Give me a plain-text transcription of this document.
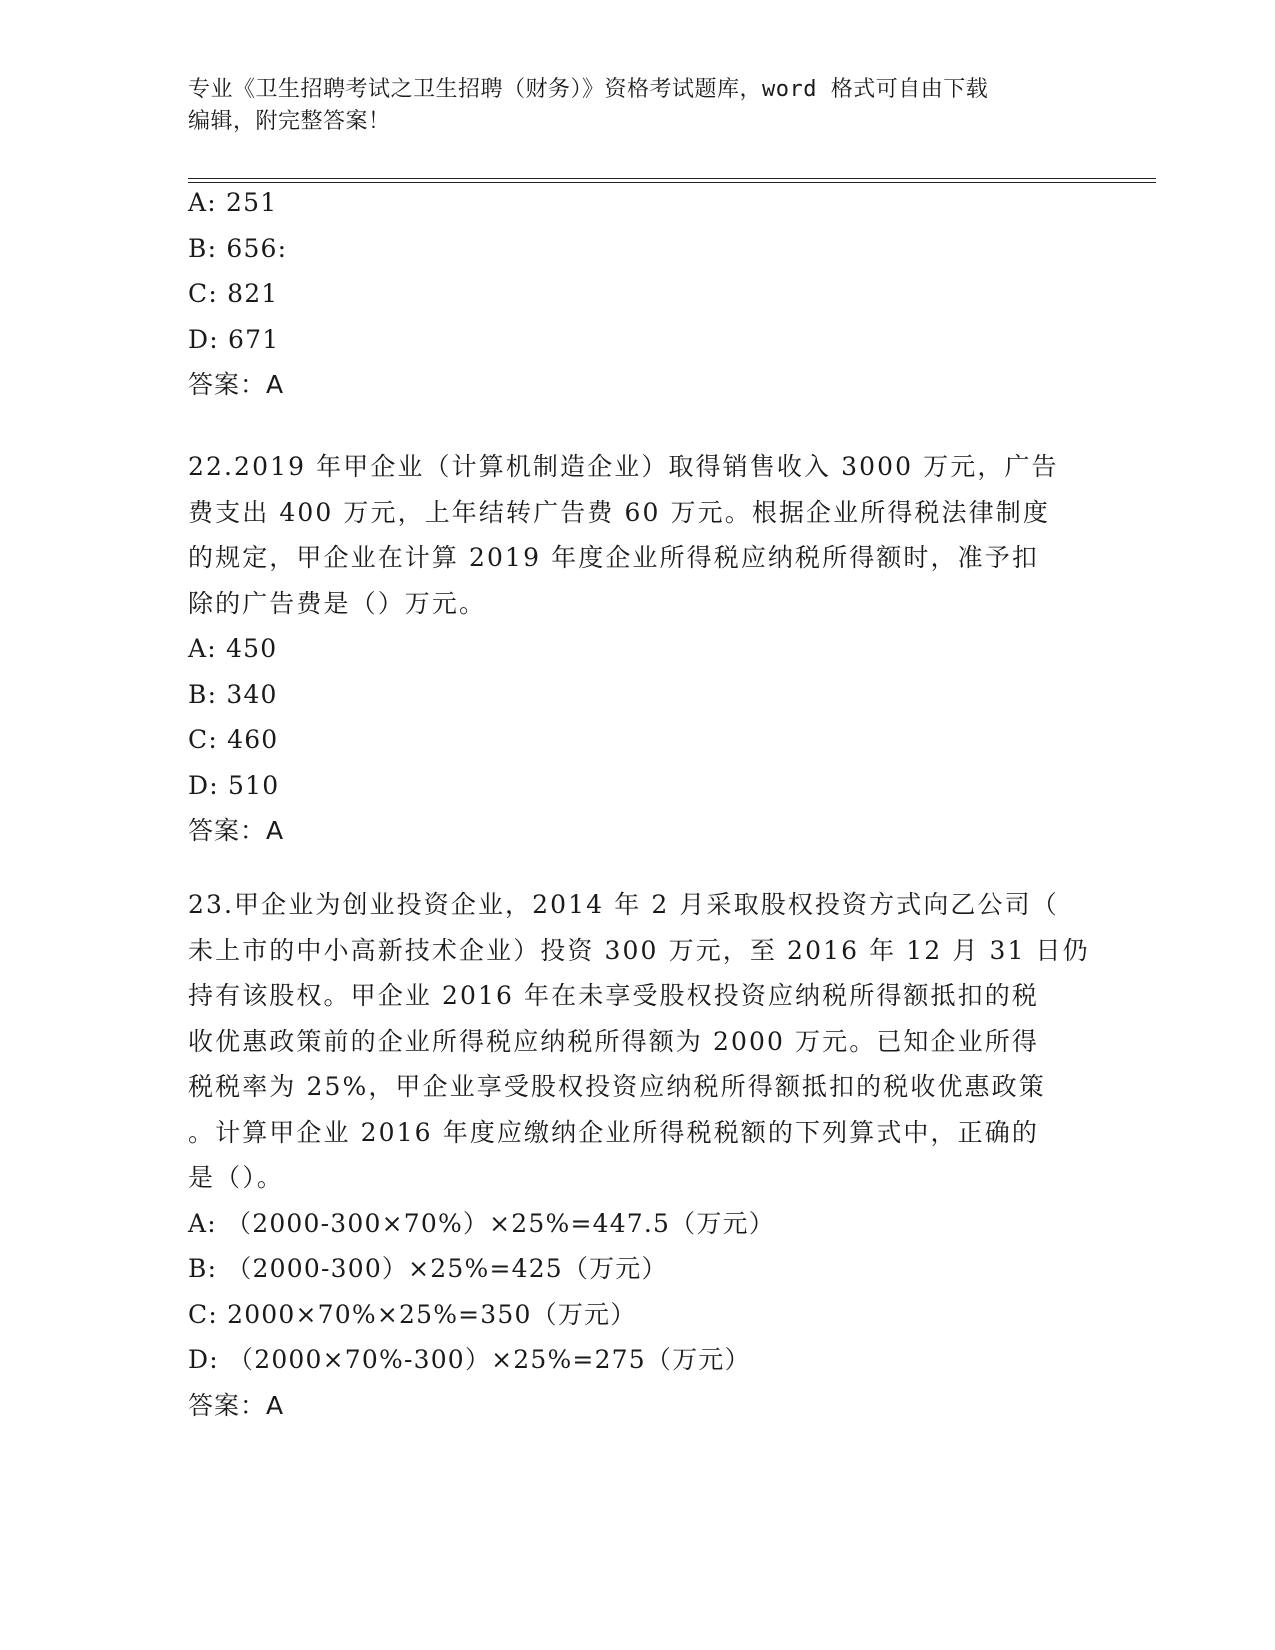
专业《卫生招聘考试之卫生招聘（财务）》资格考试题库，word 格式可自由下载
编辑，附完整答案！
A: 251
B: 656:
C: 821
D: 671
答案：A
22.2019 年甲企业（计算机制造企业）取得销售收入 3000 万元，广告
费支出 400 万元，上年结转广告费 60 万元。根据企业所得税法律制度
的规定，甲企业在计算 2019 年度企业所得税应纳税所得额时，准予扣
除的广告费是（）万元。
A: 450
B: 340
C: 460
D: 510
答案：A
23.甲企业为创业投资企业，2014 年 2 月采取股权投资方式向乙公司（
未上市的中小高新技术企业）投资 300 万元，至 2016 年 12 月 31 日仍
持有该股权。甲企业 2016 年在未享受股权投资应纳税所得额抵扣的税
收优惠政策前的企业所得税应纳税所得额为 2000 万元。已知企业所得
税税率为 25%，甲企业享受股权投资应纳税所得额抵扣的税收优惠政策
。计算甲企业 2016 年度应缴纳企业所得税税额的下列算式中，正确的
是（）。
A: （2000-300×70%）×25%=447.5（万元）
B: （2000-300）×25%=425（万元）
C: 2000×70%×25%=350（万元）
D: （2000×70%-300）×25%=275（万元）
答案：A
